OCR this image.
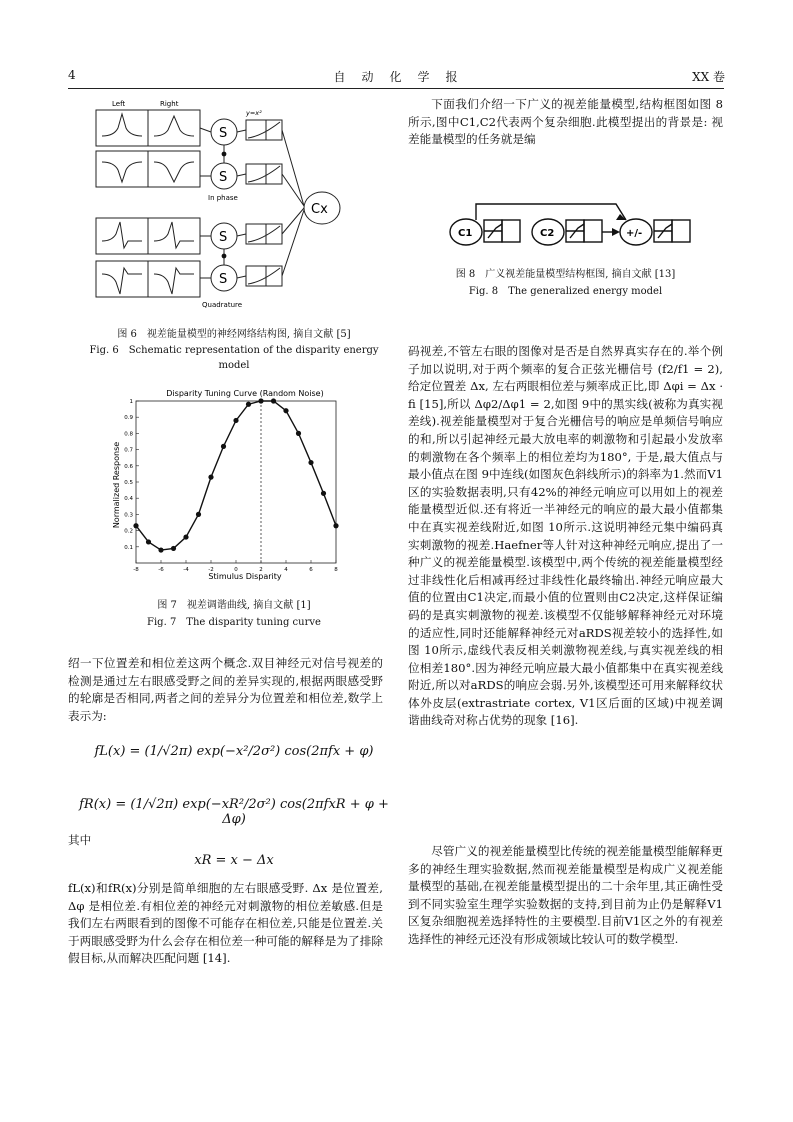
4	自　动　化　学　报	XX 卷
Left	Right
y=x²
S
S
S
S
Cx
In phase
Quadrature
图 6　视差能量模型的神经网络结构图, 摘自文献 [5]
Fig. 6　Schematic representation of the disparity energy
model
Disparity Tuning Curve (Random Noise)
Stimulus Disparity
Normalized Response
-8	-6	-4	-2	0	2	4	6	8
0.1
0.2
0.3
0.4
0.5
0.6
0.7
0.8
0.9
1
图 7　视差调谐曲线, 摘自文献 [1]
Fig. 7　The disparity tuning curve

绍一下位置差和相位差这两个概念.双目神经元对信号视差的检测是通过左右眼感受野之间的差异实现的,根据两眼感受野的轮廓是否相同,两者之间的差异分为位置差和相位差,数学上表示为:

fL(x) = (1/√2π) exp(−x²/2σ²) cos(2πfx + φ)
fR(x) = (1/√2π) exp(−xR²/2σ²) cos(2πfxR + φ + Δφ)
其中
xR = x − Δx

fL(x)和fR(x)分别是简单细胞的左右眼感受野. Δx 是位置差, Δφ 是相位差.有相位差的神经元对刺激物的相位差敏感.但是我们左右两眼看到的图像不可能存在相位差,只能是位置差.关于两眼感受野为什么会存在相位差一种可能的解释是为了排除假目标,从而解决匹配问题 [14].

下面我们介绍一下广义的视差能量模型,结构框图如图 8所示,图中C1,C2代表两个复杂细胞.此模型提出的背景是: 视差能量模型的任务就是编

C1	C2	+/-
图 8　广义视差能量模型结构框图, 摘自文献 [13]
Fig. 8　The generalized energy model

码视差,不管左右眼的图像对是否是自然界真实存在的.举个例子加以说明,对于两个频率的复合正弦光栅信号 (f2/f1 = 2),给定位置差 Δx, 左右两眼相位差与频率成正比,即 Δφi = Δx · fi [15],所以 Δφ2/Δφ1 = 2,如图 9中的黑实线(被称为真实视差线).视差能量模型对于复合光栅信号的响应是单频信号响应的和,所以引起神经元最大放电率的刺激物和引起最小发放率的刺激物在各个频率上的相位差均为180°, 于是,最大值点与最小值点在图 9中连线(如图灰色斜线所示)的斜率为1.然而V1区的实验数据表明,只有42%的神经元响应可以用如上的视差能量模型近似.还有将近一半神经元的响应的最大最小值都集中在真实视差线附近,如图 10所示.这说明神经元集中编码真实刺激物的视差.Haefner等人针对这种神经元响应,提出了一种广义的视差能量模型.该模型中,两个传统的视差能量模型经过非线性化后相减再经过非线性化最终输出.神经元响应最大值的位置由C1决定,而最小值的位置则由C2决定,这样保证编码的是真实刺激物的视差.该模型不仅能够解释神经元对环境的适应性,同时还能解释神经元对aRDS视差较小的选择性,如图 10所示,虚线代表反相关刺激物视差线,与真实视差线的相位相差180°.因为神经元响应最大最小值都集中在真实视差线附近,所以对aRDS的响应会弱.另外,该模型还可用来解释纹状体外皮层(extrastriate cortex, V1区后面的区域)中视差调谐曲线奇对称占优势的现象 [16].

尽管广义的视差能量模型比传统的视差能量模型能解释更多的神经生理实验数据,然而视差能量模型是构成广义视差能量模型的基础,在视差能量模型提出的二十余年里,其正确性受到不同实验室生理学实验数据的支持,到目前为止仍是解释V1区复杂细胞视差选择特性的主要模型.目前V1区之外的有视差选择性的神经元还没有形成领域比较认可的数学模型.
